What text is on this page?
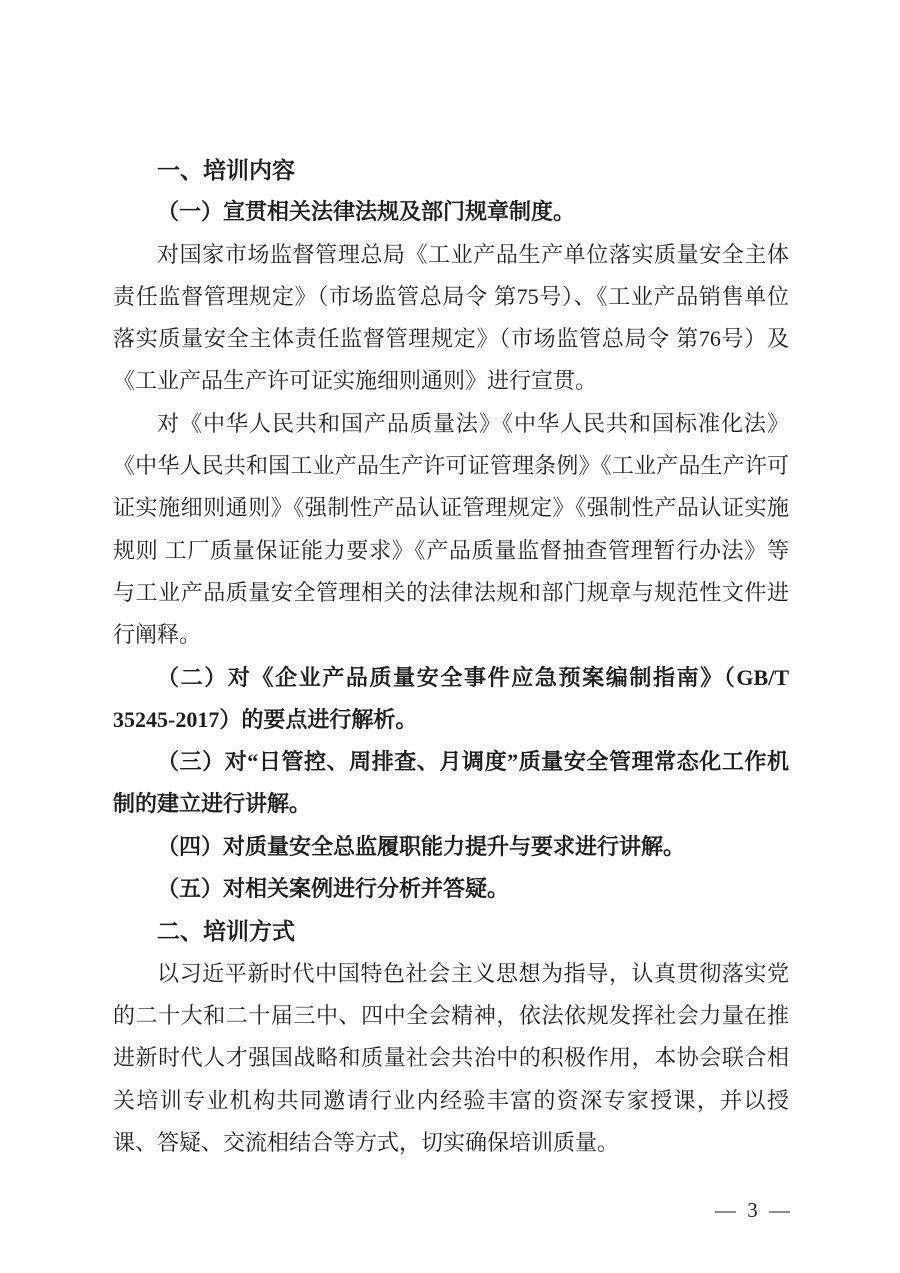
一、培训内容

（一）宣贯相关法律法规及部门规章制度。

对国家市场监督管理总局《工业产品生产单位落实质量安全主体责任监督管理规定》（市场监管总局令 第75号）、《工业产品销售单位落实质量安全主体责任监督管理规定》（市场监管总局令 第76号）及《工业产品生产许可证实施细则通则》进行宣贯。

对《中华人民共和国产品质量法》《中华人民共和国标准化法》《中华人民共和国工业产品生产许可证管理条例》《工业产品生产许可证实施细则通则》《强制性产品认证管理规定》《强制性产品认证实施规则 工厂质量保证能力要求》《产品质量监督抽查管理暂行办法》等与工业产品质量安全管理相关的法律法规和部门规章与规范性文件进行阐释。

（二）对《企业产品质量安全事件应急预案编制指南》（GB/T 35245-2017）的要点进行解析。

（三）对“日管控、周排查、月调度”质量安全管理常态化工作机制的建立进行讲解。

（四）对质量安全总监履职能力提升与要求进行讲解。

（五）对相关案例进行分析并答疑。

二、培训方式

以习近平新时代中国特色社会主义思想为指导，认真贯彻落实党的二十大和二十届三中、四中全会精神，依法依规发挥社会力量在推进新时代人才强国战略和质量社会共治中的积极作用，本协会联合相关培训专业机构共同邀请行业内经验丰富的资深专家授课，并以授课、答疑、交流相结合等方式，切实确保培训质量。

— 3 —
